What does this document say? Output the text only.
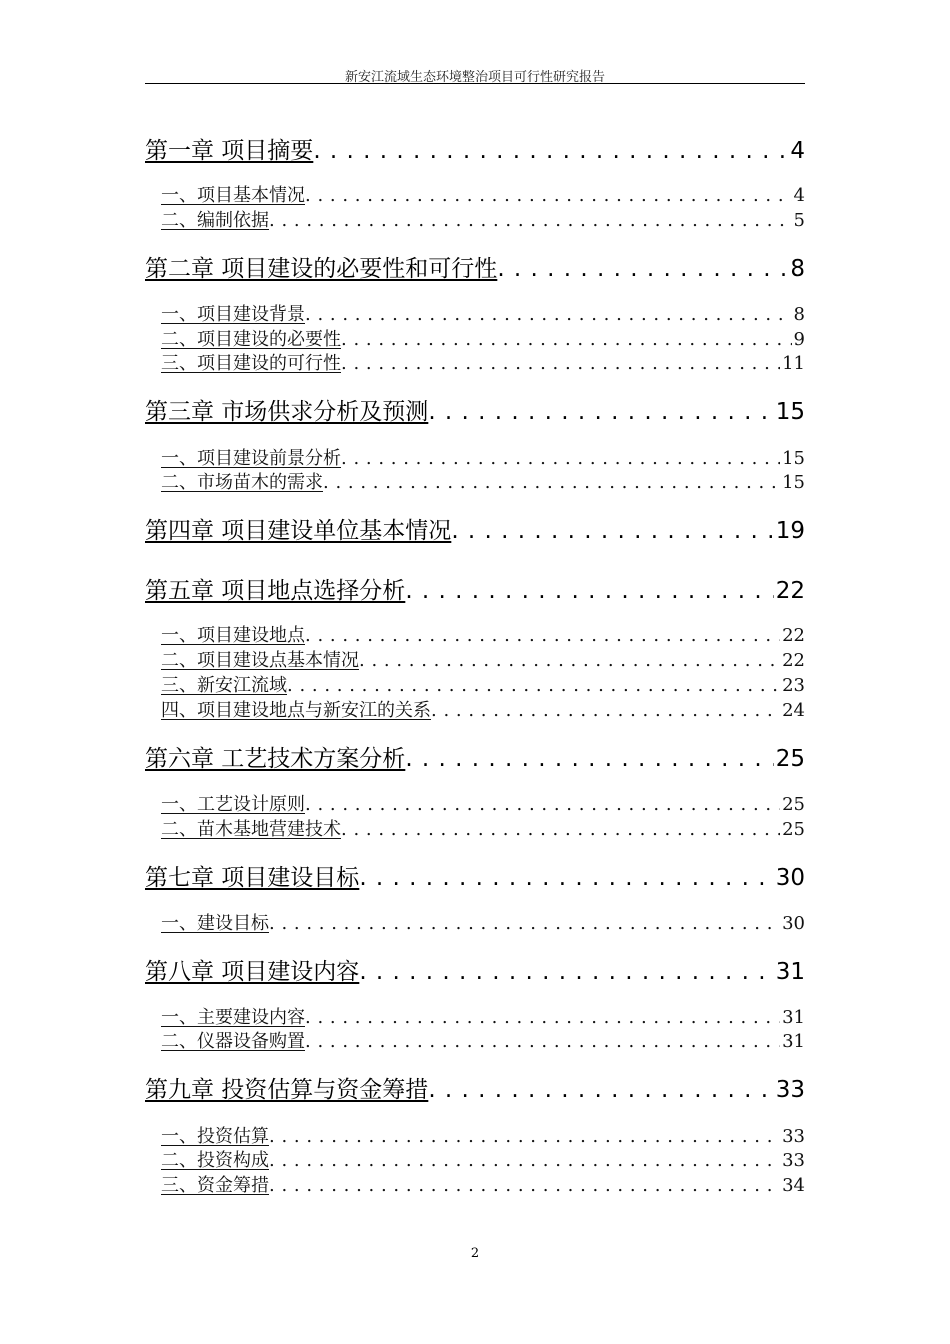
新安江流域生态环境整治项目可行性研究报告
第一章 项目摘要 . . .	4
一、项目基本情况 . . .	4
二、编制依据 . . .	5
第二章 项目建设的必要性和可行性 . . .	8
一、项目建设背景 . . .	8
二、项目建设的必要性 . . .	9
三、项目建设的可行性 . . .	11
第三章 市场供求分析及预测 . . .	15
一、项目建设前景分析 . . .	15
二、市场苗木的需求 . . .	15
第四章 项目建设单位基本情况 . . .	19
第五章 项目地点选择分析 . . .	22
一、项目建设地点 . . .	22
二、项目建设点基本情况 . . .	22
三、新安江流域 . . .	23
四、项目建设地点与新安江的关系 . . .	24
第六章 工艺技术方案分析 . . .	25
一、工艺设计原则 . . .	25
二、苗木基地营建技术 . . .	25
第七章 项目建设目标 . . .	30
一、建设目标 . . .	30
第八章 项目建设内容 . . .	31
一、主要建设内容 . . .	31
二、仪器设备购置 . . .	31
第九章 投资估算与资金筹措 . . .	33
一、投资估算 . . .	33
二、投资构成 . . .	33
三、资金筹措 . . .	34
2
